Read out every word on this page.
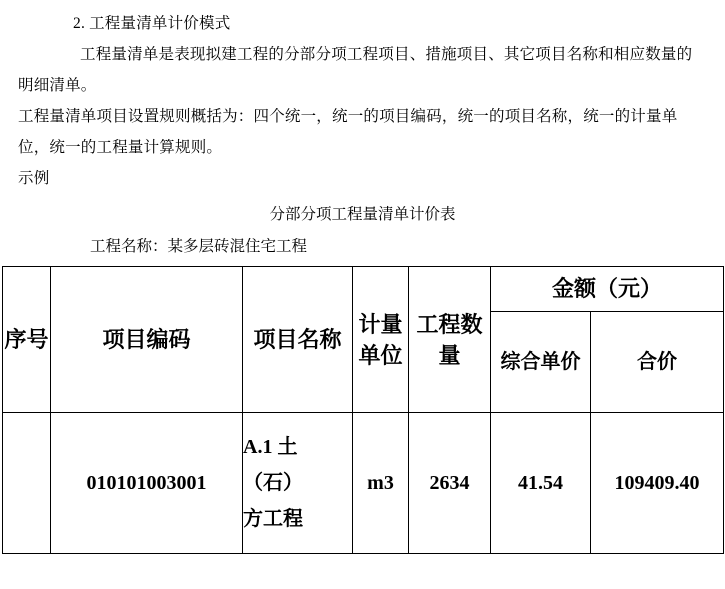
2. 工程量清单计价模式
工程量清单是表现拟建工程的分部分项工程项目、措施项目、其它项目名称和相应数量的明细清单。
工程量清单项目设置规则概括为：四个统一，统一的项目编码，统一的项目名称，统一的计量单位，统一的工程量计算规则。
示例
分部分项工程量清单计价表
工程名称：某多层砖混住宅工程
序号	项目编码	项目名称	计量单位	工程数量	金额（元）	
					综合单价	合价
	010101003001	A.1 土
（石）
方工程	m3	2634	41.54	109409.40
